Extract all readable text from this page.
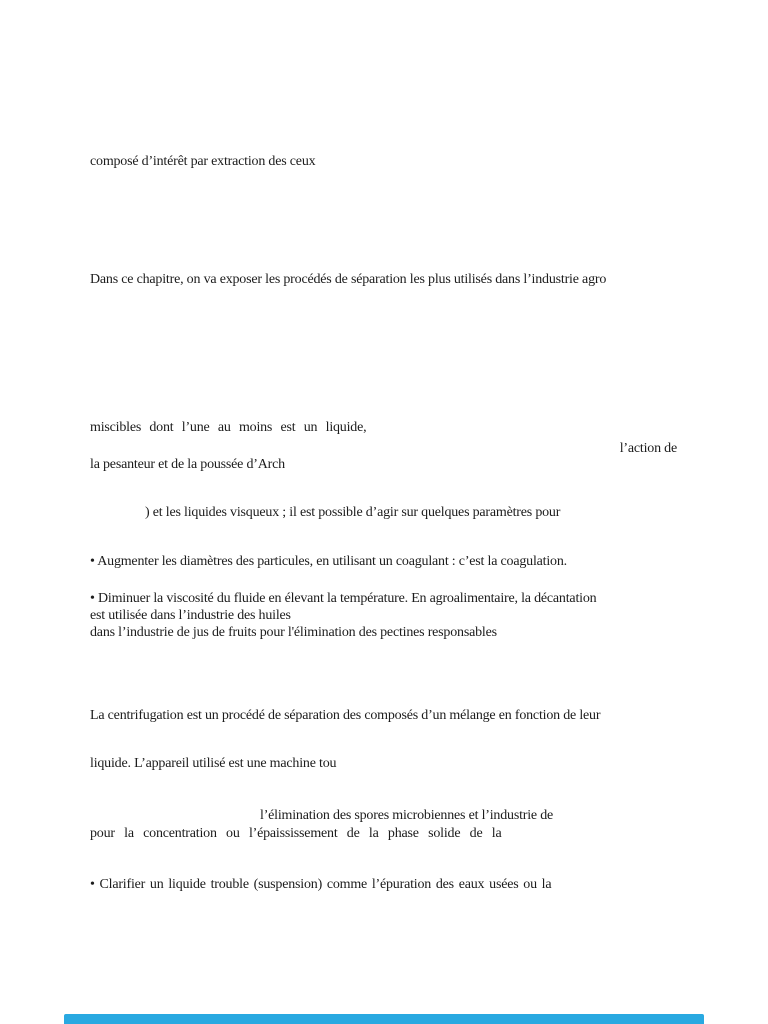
composé d’intérêt par extraction des ceux
Dans ce chapitre, on va exposer les procédés de séparation les plus utilisés dans l’industrie agro
miscibles dont l’une au moins est un liquide,
l’action de
la pesanteur et de la poussée d’Arch
) et les liquides visqueux ; il est possible d’agir sur quelques paramètres pour
• Augmenter les diamètres des particules, en utilisant un coagulant : c’est la coagulation.
• Diminuer la viscosité du fluide en élevant la température. En agroalimentaire, la décantation
est utilisée dans l’industrie des huiles
dans l’industrie de jus de fruits pour l'élimination des pectines responsables
La centrifugation est un procédé de séparation des composés d’un mélange en fonction de leur
liquide. L’appareil utilisé est une machine tou
l’élimination des spores microbiennes et l’industrie de
pour la concentration ou l’épaississement de la phase solide de la
• Clarifier un liquide trouble (suspension) comme l’épuration des eaux usées ou la
